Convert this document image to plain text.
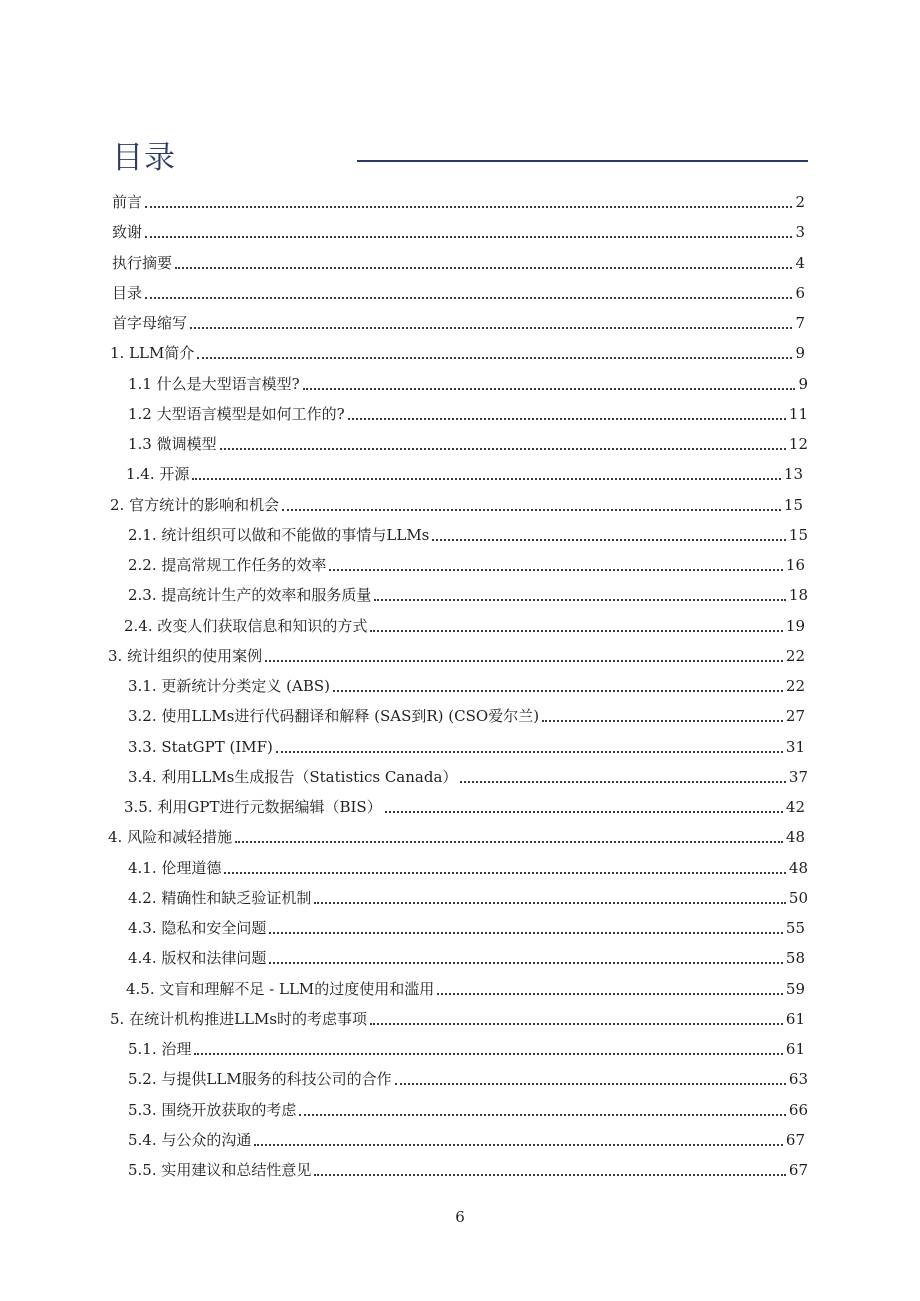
目录
前言	2
致谢	3
执行摘要	4
目录	6
首字母缩写	7
1. LLM简介	9
1.1 什么是大型语言模型?	9
1.2 大型语言模型是如何工作的?	11
1.3 微调模型	12
1.4. 开源	13
2. 官方统计的影响和机会	15
2.1. 统计组织可以做和不能做的事情与LLMs	15
2.2. 提高常规工作任务的效率	16
2.3. 提高统计生产的效率和服务质量	18
2.4. 改变人们获取信息和知识的方式	19
3. 统计组织的使用案例	22
3.1. 更新统计分类定义 (ABS)	22
3.2. 使用LLMs进行代码翻译和解释 (SAS到R) (CSO爱尔兰)	27
3.3. StatGPT (IMF)	31
3.4. 利用LLMs生成报告（Statistics Canada）	37
3.5. 利用GPT进行元数据编辑（BIS）	42
4. 风险和减轻措施	48
4.1. 伦理道德	48
4.2. 精确性和缺乏验证机制	50
4.3. 隐私和安全问题	55
4.4. 版权和法律问题	58
4.5. 文盲和理解不足 - LLM的过度使用和滥用	59
5. 在统计机构推进LLMs时的考虑事项	61
5.1. 治理	61
5.2. 与提供LLM服务的科技公司的合作	63
5.3. 围绕开放获取的考虑	66
5.4. 与公众的沟通	67
5.5. 实用建议和总结性意见	67
6
